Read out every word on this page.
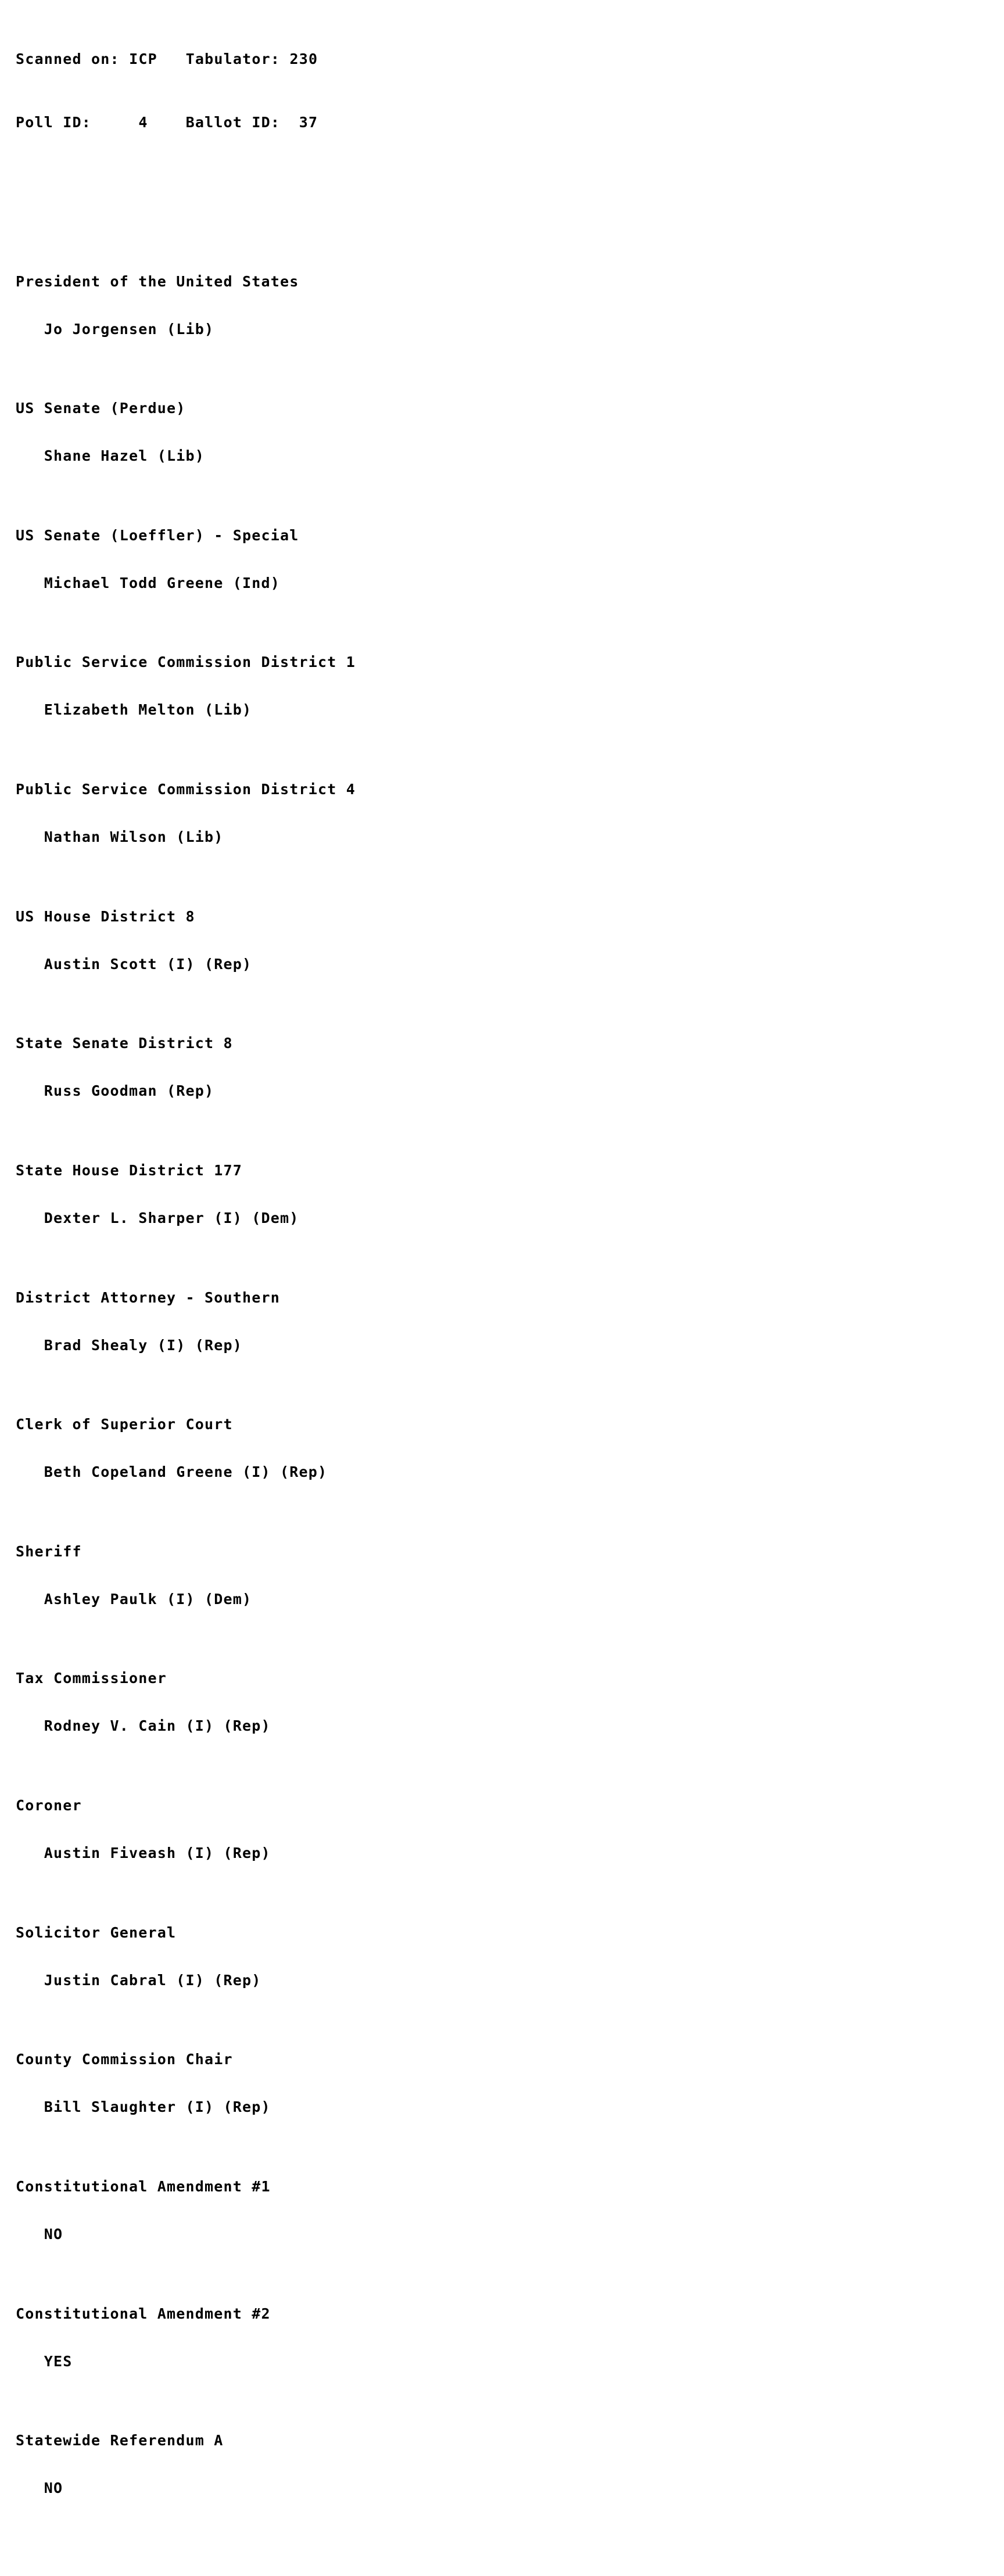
Scanned on:

ICP

Tabulator:

230

Poll ID:

	4

	Ballot ID:

37

President of the United States

Jo Jorgensen (Lib)

US Senate (Perdue)

Shane Hazel (Lib)

US Senate (Loeffler) - Special

Michael Todd Greene (Ind)

Public Service Commission District 1

Elizabeth Melton (Lib)

Public Service Commission District 4

Nathan Wilson (Lib)

US House District 8

Austin Scott (I) (Rep)

State Senate District 8

Russ Goodman (Rep)

State House District 177

Dexter L. Sharper (I) (Dem)

District Attorney - Southern

Brad Shealy (I) (Rep)

Clerk of Superior Court

Beth Copeland Greene (I) (Rep)

Sheriff

Ashley Paulk (I) (Dem)

Tax Commissioner

Rodney V. Cain (I) (Rep)

Coroner

Austin Fiveash (I) (Rep)

Solicitor General

Justin Cabral (I) (Rep)

County Commission Chair

Bill Slaughter (I) (Rep)

Constitutional Amendment #1

NO

Constitutional Amendment #2

YES

Statewide Referendum A

NO
